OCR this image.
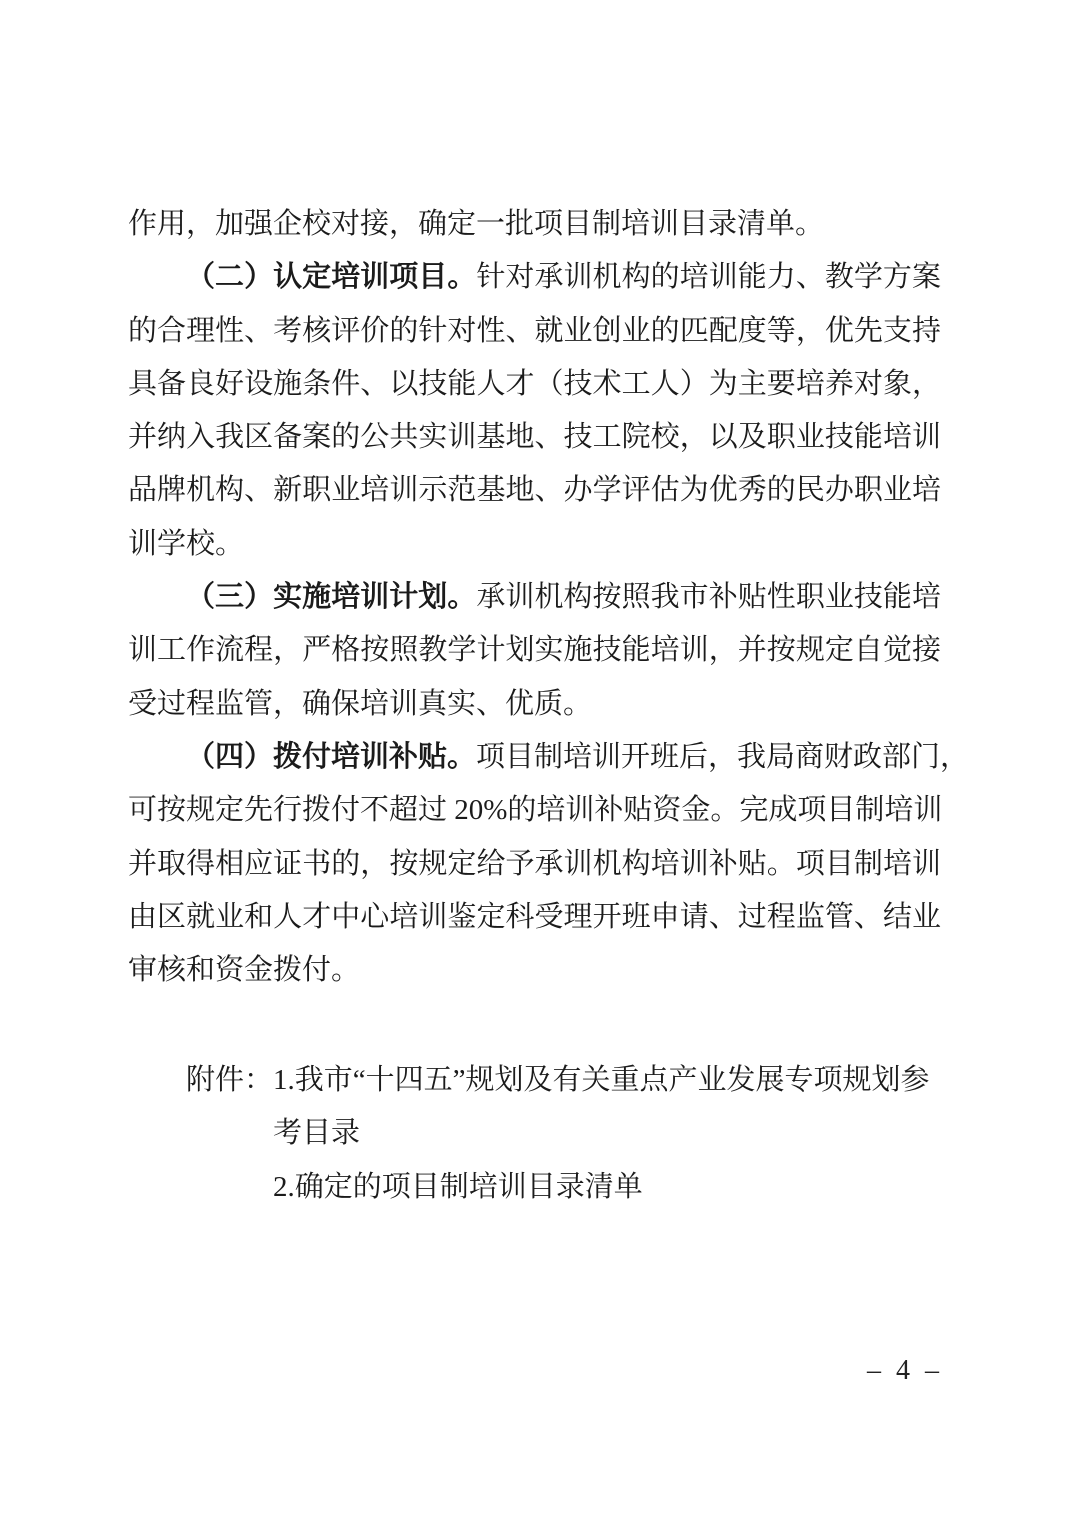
作用，加强企校对接，确定一批项目制培训目录清单。
（二）认定培训项目。针对承训机构的培训能力、教学方案
的合理性、考核评价的针对性、就业创业的匹配度等，优先支持
具备良好设施条件、以技能人才（技术工人）为主要培养对象，
并纳入我区备案的公共实训基地、技工院校，以及职业技能培训
品牌机构、新职业培训示范基地、办学评估为优秀的民办职业培
训学校。
（三）实施培训计划。承训机构按照我市补贴性职业技能培
训工作流程，严格按照教学计划实施技能培训，并按规定自觉接
受过程监管，确保培训真实、优质。
（四）拨付培训补贴。项目制培训开班后，我局商财政部门，
可按规定先行拨付不超过 20%的培训补贴资金。完成项目制培训
并取得相应证书的，按规定给予承训机构培训补贴。项目制培训
由区就业和人才中心培训鉴定科受理开班申请、过程监管、结业
审核和资金拨付。
附件：1.我市“十四五”规划及有关重点产业发展专项规划参
考目录
2.确定的项目制培训目录清单
– 4 –
